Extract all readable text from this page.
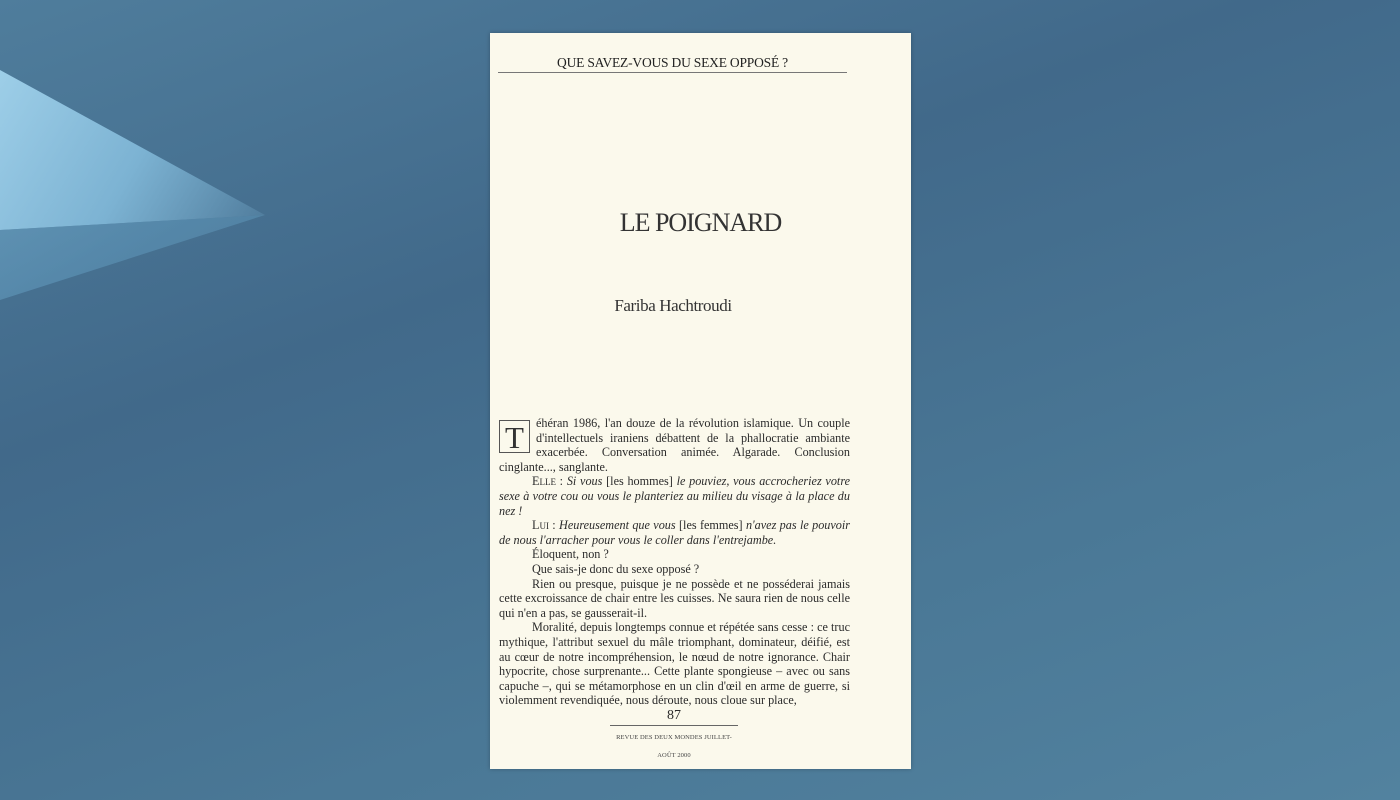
QUE SAVEZ-VOUS DU SEXE OPPOSÉ ?
LE POIGNARD
Fariba Hachtroudi

T éhéran 1986, l'an douze de la révolution islamique. Un couple d'intellectuels iraniens débattent de la phallocratie ambiante exacerbée. Conversation animée. Algarade. Conclusion cinglante..., sanglante.

Elle : Si vous [les hommes] le pouviez, vous accrocheriez votre sexe à votre cou ou vous le planteriez au milieu du visage à la place du nez !

Lui : Heureusement que vous [les femmes] n'avez pas le pouvoir de nous l'arracher pour vous le coller dans l'entrejambe.

Éloquent, non ?

Que sais-je donc du sexe opposé ?

Rien ou presque, puisque je ne possède et ne posséderai jamais cette excroissance de chair entre les cuisses. Ne saura rien de nous celle qui n'en a pas, se gausserait-il.

Moralité, depuis longtemps connue et répétée sans cesse : ce truc mythique, l'attribut sexuel du mâle triomphant, dominateur, déifié, est au cœur de notre incompréhension, le nœud de notre ignorance. Chair hypocrite, chose surprenante... Cette plante spongieuse – avec ou sans capuche –, qui se métamorphose en un clin d'œil en arme de guerre, si violemment revendiquée, nous déroute, nous cloue sur place,

87
REVUE DES DEUX MONDES JUILLET-AOÛT 2000
